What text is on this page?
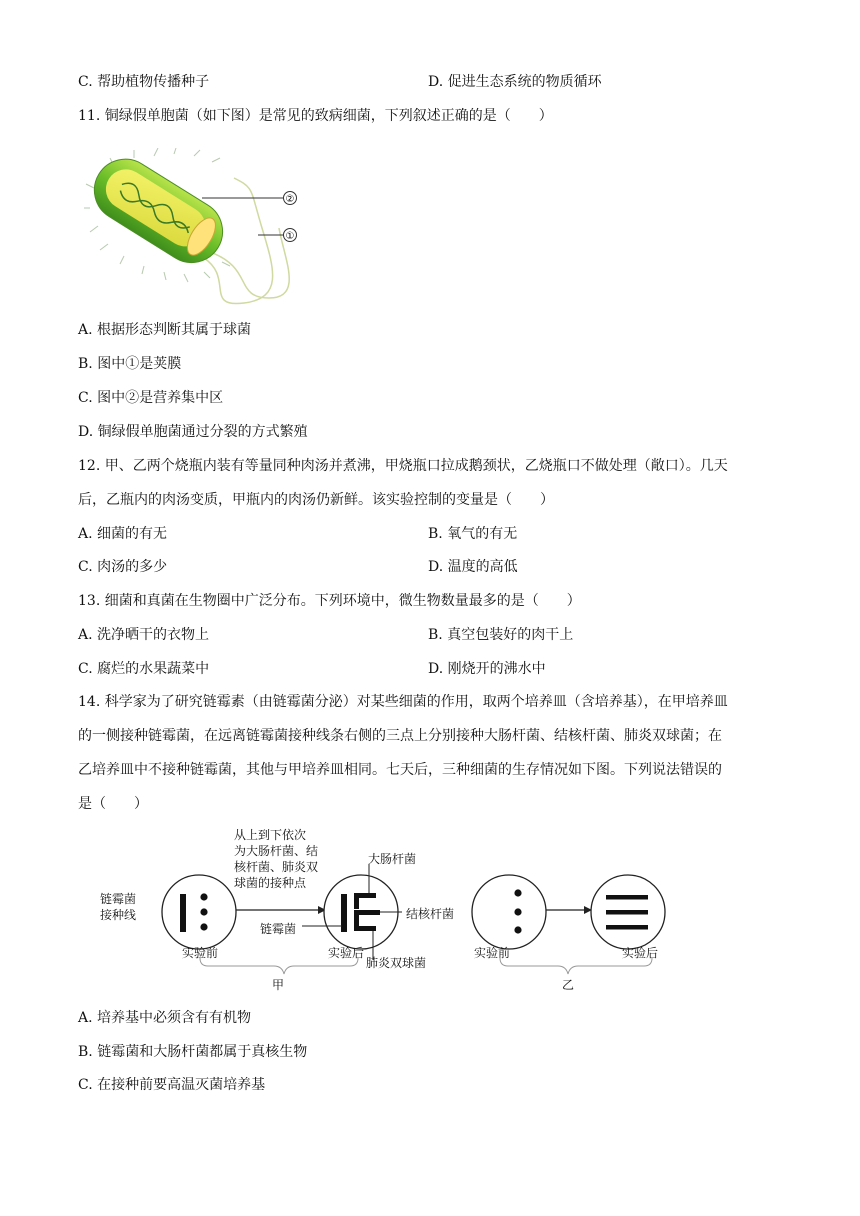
C. 帮助植物传播种子	D. 促进生态系统的物质循环
11. 铜绿假单胞菌（如下图）是常见的致病细菌，下列叙述正确的是（　　）
②
①
A. 根据形态判断其属于球菌
B. 图中①是荚膜
C. 图中②是营养集中区
D. 铜绿假单胞菌通过分裂的方式繁殖
12. 甲、乙两个烧瓶内装有等量同种肉汤并煮沸，甲烧瓶口拉成鹅颈状，乙烧瓶口不做处理（敞口）。几天
后，乙瓶内的肉汤变质，甲瓶内的肉汤仍新鲜。该实验控制的变量是（　　）
A. 细菌的有无	B. 氧气的有无
C. 肉汤的多少	D. 温度的高低
13. 细菌和真菌在生物圈中广泛分布。下列环境中，微生物数量最多的是（　　）
A. 洗净晒干的衣物上	B. 真空包装好的肉干上
C. 腐烂的水果蔬菜中	D. 刚烧开的沸水中
14. 科学家为了研究链霉素（由链霉菌分泌）对某些细菌的作用，取两个培养皿（含培养基），在甲培养皿
的一侧接种链霉菌，在远离链霉菌接种线条右侧的三点上分别接种大肠杆菌、结核杆菌、肺炎双球菌；在
乙培养皿中不接种链霉菌，其他与甲培养皿相同。七天后，三种细菌的生存情况如下图。下列说法错误的
是（　　）
从上到下依次
为大肠杆菌、结
核杆菌、肺炎双
球菌的接种点
链霉菌
接种线
实验前	实验后
大肠杆菌
链霉菌
结核杆菌
肺炎双球菌
实验前	实验后
甲	乙
A. 培养基中必须含有有机物
B. 链霉菌和大肠杆菌都属于真核生物
C. 在接种前要高温灭菌培养基
